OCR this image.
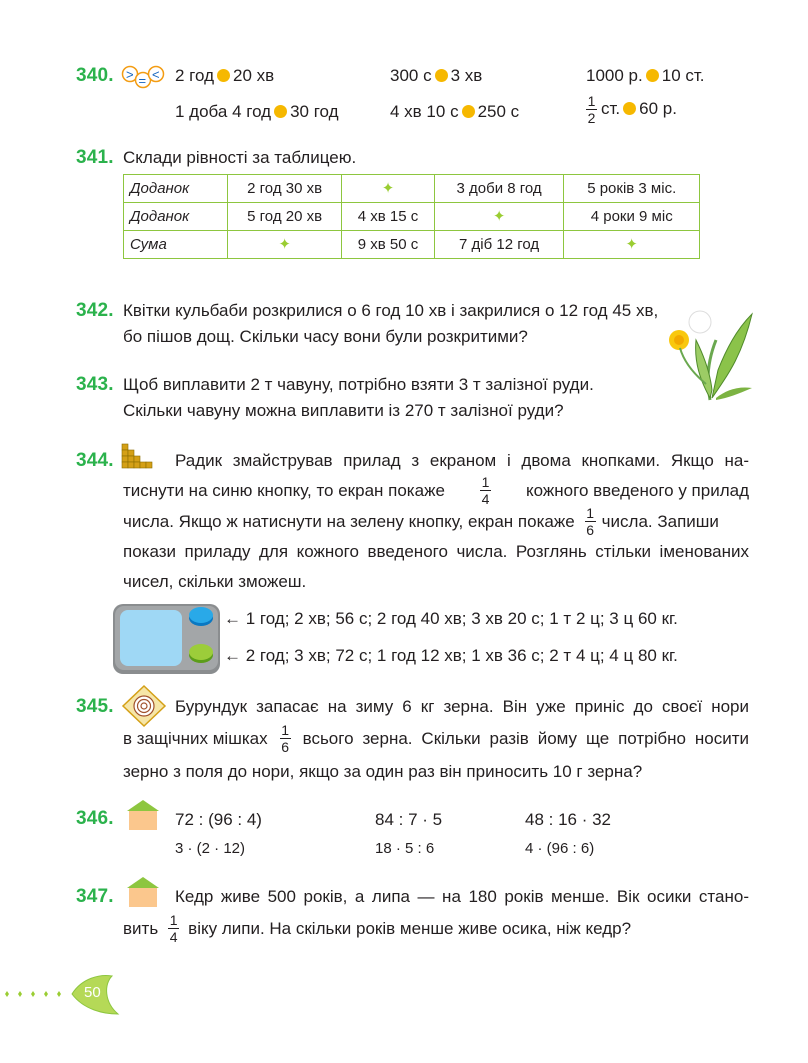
340. > = < 2 год 20 хв	300 с 3 хв	1000 р. 10 ст.
1 доба 4 год 30 год	4 хв 10 с 250 с	$\frac{1}{2}$ ст. 60 р.
341. Склади рівності за таблицею.
Доданок	2 год 30 хв	✦	3 доби 8 год	5 років 3 міс.
Доданок	5 год 20 хв	4 хв 15 с	✦	4 роки 9 міс
Сума	✦	9 хв 50 с	7 діб 12 год	✦
342. Квітки кульбаби розкрилися о 6 год 10 хв і закрилися о 12 год 45 хв,
бо пішов дощ. Скільки часу вони були розкритими?
343. Щоб виплавити 2 т чавуну, потрібно взяти 3 т залізної руди.
Скільки чавуну можна виплавити із 270 т залізної руди?
344.	Радик змайстрував прилад з екраном і двома кнопками. Якщо на-
тиснути на синю кнопку, то екран покаже	$\frac{1}{4}$ кожного введеного у прилад
числа. Якщо ж натиснути на зелену кнопку, екран покаже $\frac{1}{6}$ числа. Запиши
покази приладу для кожного введеного числа. Розглянь стільки іменованих
чисел, скільки зможеш.
← 1 год; 2 хв; 56 с; 2 год 40 хв; 3 хв 20 с; 1 т 2 ц; 3 ц 60 кг.
← 2 год; 3 хв; 72 с; 1 год 12 хв; 1 хв 36 с; 2 т 4 ц; 4 ц 80 кг.
345.	Бурундук запасає на зиму 6 кг зерна. Він уже приніс до своєї нори
в защічних мішках $\frac{1}{6}$ всього зерна. Скільки разів йому ще потрібно носити
зерно з поля до нори, якщо за один раз він приносить 10 г зерна?
346.	72 : (96 : 4)	84 : 7 · 5	48 : 16 · 32
3 · (2 · 12)	18 · 5 : 6	4 · (96 : 6)
347.	Кедр живе 500 років, а липа — на 180 років менше. Вік осики стано-
вить $\frac{1}{4}$ віку липи. На скільки років менше живе осика, ніж кедр?
50
